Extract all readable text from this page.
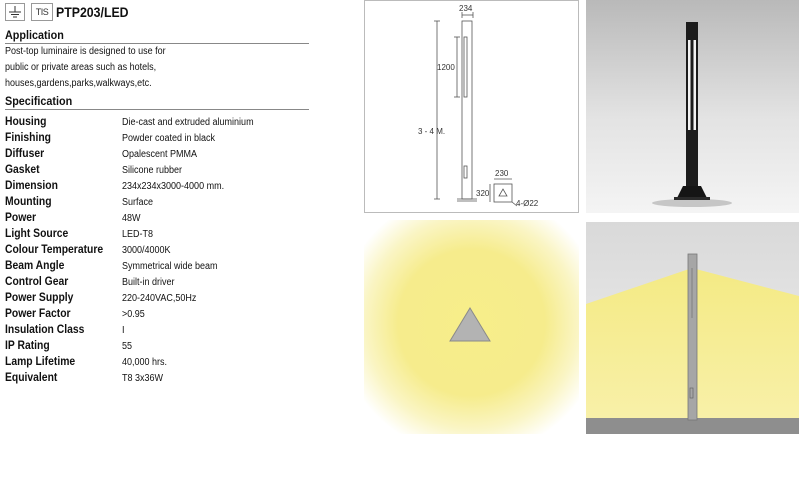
TIS PTP203/LED
Application
Post-top luminaire is designed to use for
public or private areas such as hotels,
houses,gardens,parks,walkways,etc.
Specification
Housing	Die-cast and extruded aluminium
Finishing	Powder coated in black
Diffuser	Opalescent PMMA
Gasket	Silicone rubber
Dimension	234x234x3000-4000 mm.
Mounting	Surface
Power	48W
Light Source	LED-T8
Colour Temperature	3000/4000K
Beam Angle	Symmetrical wide beam
Control Gear	Built-in driver
Power Supply	220-240VAC,50Hz
Power Factor	>0.95
Insulation Class	I
IP Rating	55
Lamp Lifetime	40,000 hrs.
Equivalent	T8 3x36W
234
1200
3 - 4 M.
230
320
4-Ø22
